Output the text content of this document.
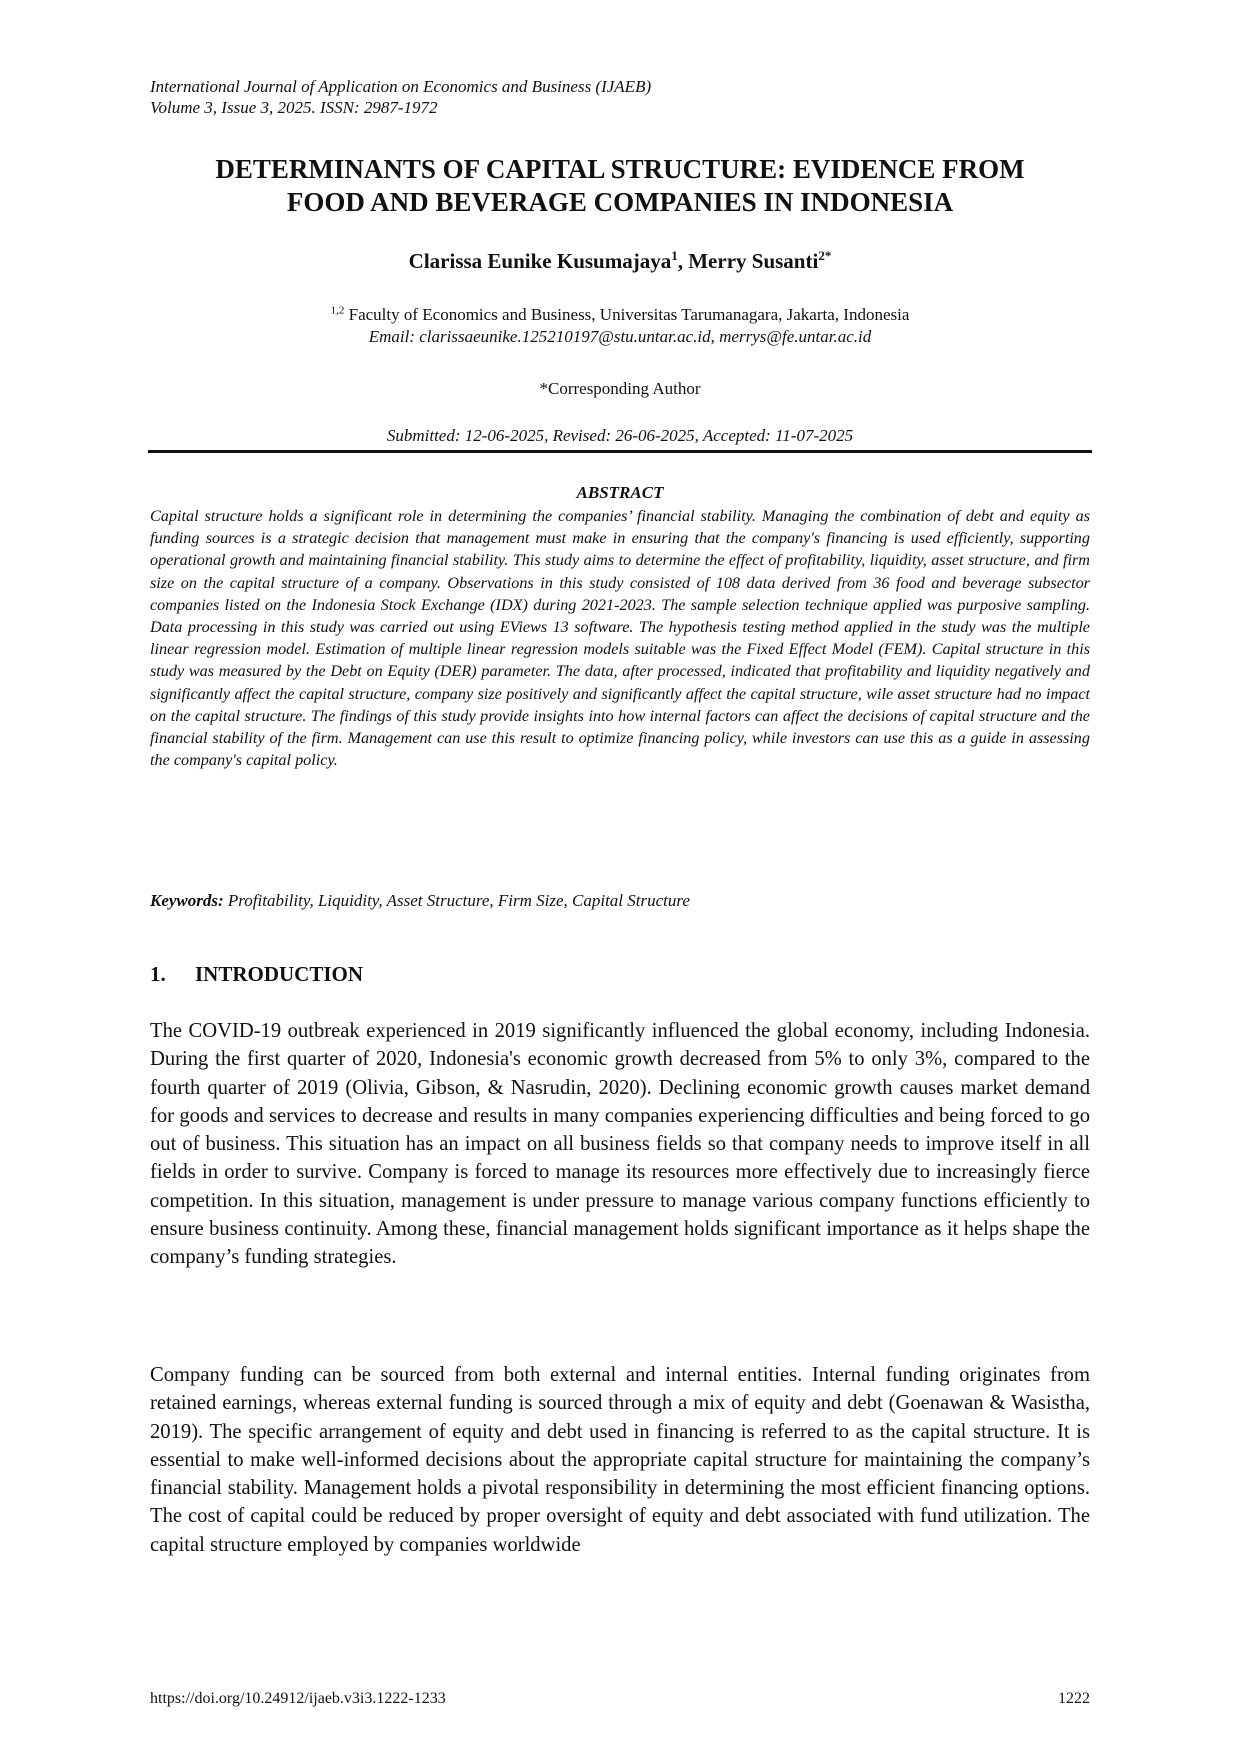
International Journal of Application on Economics and Business (IJAEB)
Volume 3, Issue 3, 2025. ISSN: 2987-1972
DETERMINANTS OF CAPITAL STRUCTURE: EVIDENCE FROM
FOOD AND BEVERAGE COMPANIES IN INDONESIA
Clarissa Eunike Kusumajaya$^1$, Merry Susanti$^{2*}$
$^{1,2}$ Faculty of Economics and Business, Universitas Tarumanagara, Jakarta, Indonesia
Email: clarissaeunike.125210197@stu.untar.ac.id, merrys@fe.untar.ac.id
*Corresponding Author
Submitted: 12-06-2025, Revised: 26-06-2025, Accepted: 11-07-2025
ABSTRACT

Capital structure holds a significant role in determining the companies’ financial stability. Managing the combination of debt and equity as funding sources is a strategic decision that management must make in ensuring that the company's financing is used efficiently, supporting operational growth and maintaining financial stability. This study aims to determine the effect of profitability, liquidity, asset structure, and firm size on the capital structure of a company. Observations in this study consisted of 108 data derived from 36 food and beverage subsector companies listed on the Indonesia Stock Exchange (IDX) during 2021-2023. The sample selection technique applied was purposive sampling. Data processing in this study was carried out using EViews 13 software. The hypothesis testing method applied in the study was the multiple linear regression model. Estimation of multiple linear regression models suitable was the Fixed Effect Model (FEM). Capital structure in this study was measured by the Debt on Equity (DER) parameter. The data, after processed, indicated that profitability and liquidity negatively and significantly affect the capital structure, company size positively and significantly affect the capital structure, wile asset structure had no impact on the capital structure. The findings of this study provide insights into how internal factors can affect the decisions of capital structure and the financial stability of the firm. Management can use this result to optimize financing policy, while investors can use this as a guide in assessing the company's capital policy.

Keywords: Profitability, Liquidity, Asset Structure, Firm Size, Capital Structure
1. INTRODUCTION

The COVID-19 outbreak experienced in 2019 significantly influenced the global economy, including Indonesia. During the first quarter of 2020, Indonesia's economic growth decreased from 5% to only 3%, compared to the fourth quarter of 2019 (Olivia, Gibson, & Nasrudin, 2020). Declining economic growth causes market demand for goods and services to decrease and results in many companies experiencing difficulties and being forced to go out of business. This situation has an impact on all business fields so that company needs to improve itself in all fields in order to survive. Company is forced to manage its resources more effectively due to increasingly fierce competition. In this situation, management is under pressure to manage various company functions efficiently to ensure business continuity. Among these, financial management holds significant importance as it helps shape the company’s funding strategies.

Company funding can be sourced from both external and internal entities. Internal funding originates from retained earnings, whereas external funding is sourced through a mix of equity and debt (Goenawan & Wasistha, 2019). The specific arrangement of equity and debt used in financing is referred to as the capital structure. It is essential to make well-informed decisions about the appropriate capital structure for maintaining the company’s financial stability. Management holds a pivotal responsibility in determining the most efficient financing options. The cost of capital could be reduced by proper oversight of equity and debt associated with fund utilization. The capital structure employed by companies worldwide

https://doi.org/10.24912/ijaeb.v3i3.1222-1233	1222
